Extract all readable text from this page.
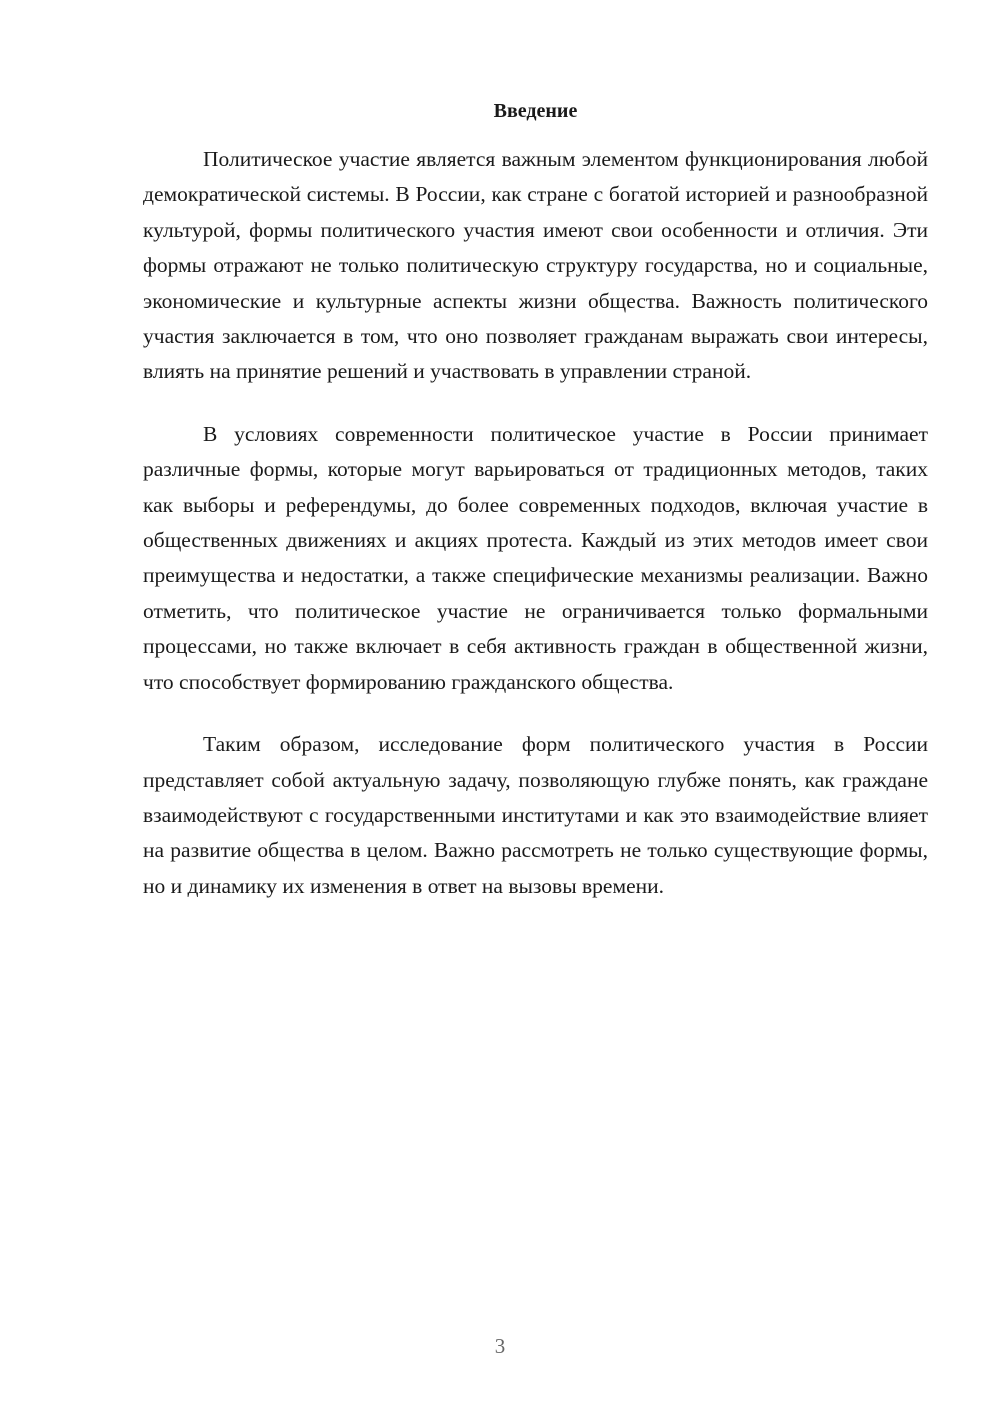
Введение

Политическое участие является важным элементом функционирования любой демократической системы. В России, как стране с богатой историей и разнообразной культурой, формы политического участия имеют свои особенности и отличия. Эти формы отражают не только политическую структуру государства, но и социальные, экономические и культурные аспекты жизни общества. Важность политического участия заключается в том, что оно позволяет гражданам выражать свои интересы, влиять на принятие решений и участвовать в управлении страной.

В условиях современности политическое участие в России принимает различные формы, которые могут варьироваться от традиционных методов, таких как выборы и референдумы, до более современных подходов, включая участие в общественных движениях и акциях протеста. Каждый из этих методов имеет свои преимущества и недостатки, а также специфические механизмы реализации. Важно отметить, что политическое участие не ограничивается только формальными процессами, но также включает в себя активность граждан в общественной жизни, что способствует формированию гражданского общества.

Таким образом, исследование форм политического участия в России представляет собой актуальную задачу, позволяющую глубже понять, как граждане взаимодействуют с государственными институтами и как это взаимодействие влияет на развитие общества в целом. Важно рассмотреть не только существующие формы, но и динамику их изменения в ответ на вызовы времени.

3
